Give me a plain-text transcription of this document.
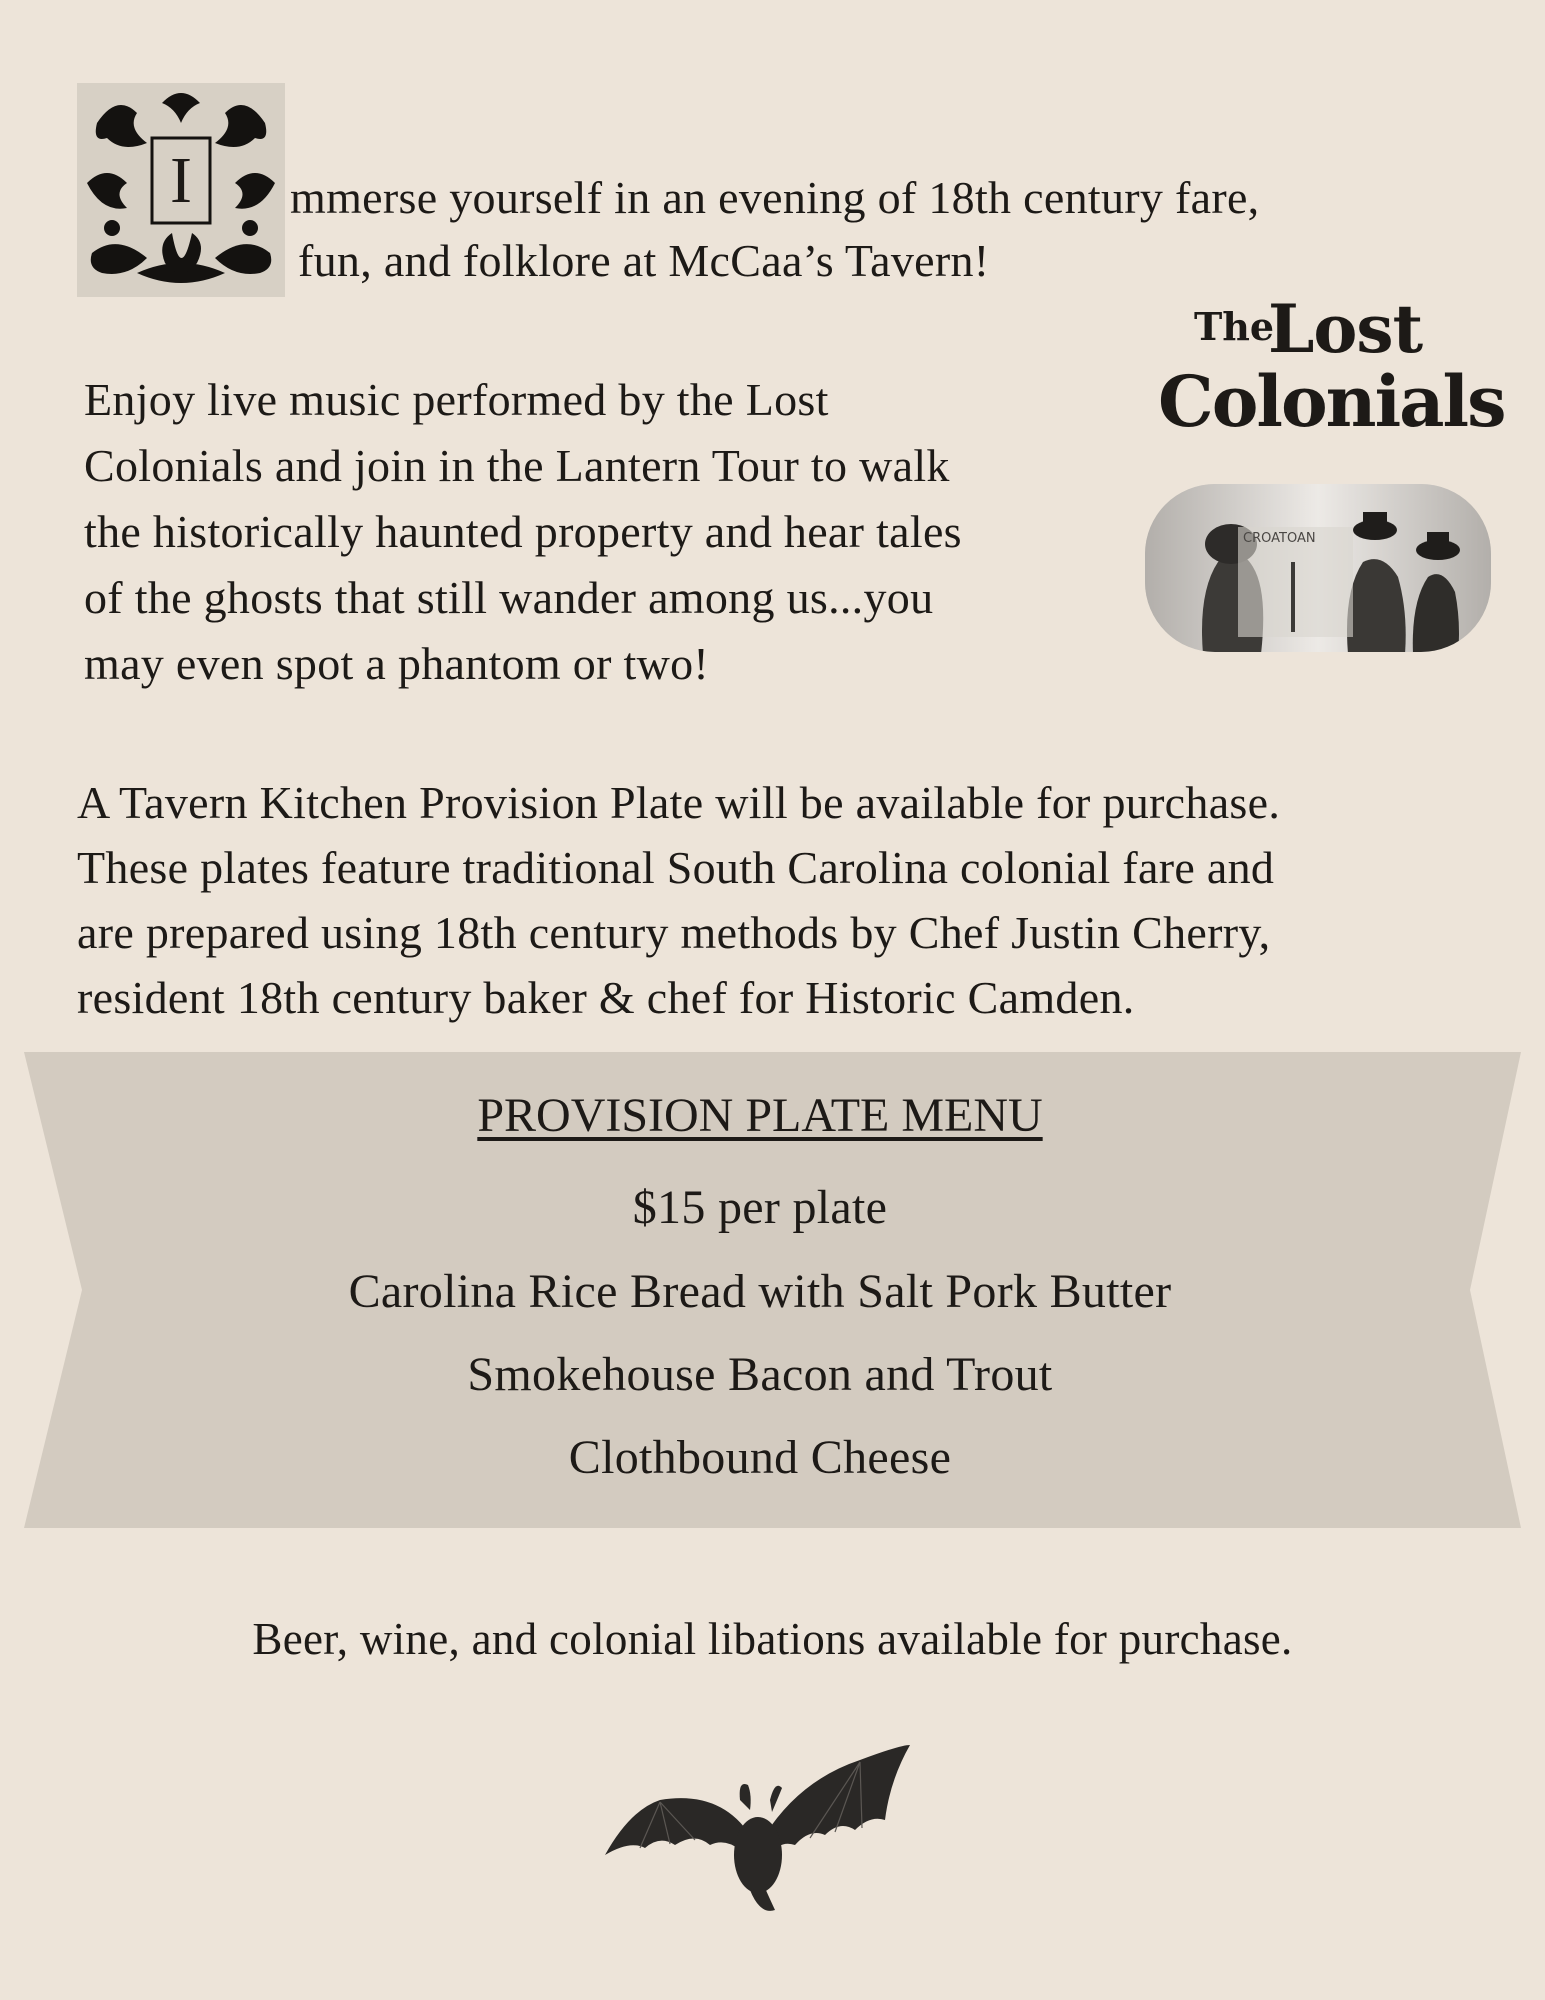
I	mmerse yourself in an evening of 18th century fare,

fun, and folklore at McCaa’s Tavern!
The
Lost
Colonials
CROATOAN
Enjoy live music performed by the Lost
Colonials and join in the Lantern Tour to walk
the historically haunted property and hear tales
of the ghosts that still wander among us...you
may even spot a phantom or two!
A Tavern Kitchen Provision Plate will be available for purchase.
These plates feature traditional South Carolina colonial fare and
are prepared using 18th century methods by Chef Justin Cherry,
resident 18th century baker & chef for Historic Camden.
PROVISION PLATE MENU
$15 per plate
Carolina Rice Bread with Salt Pork Butter
Smokehouse Bacon and Trout
Clothbound Cheese
Beer, wine, and colonial libations available for purchase.
